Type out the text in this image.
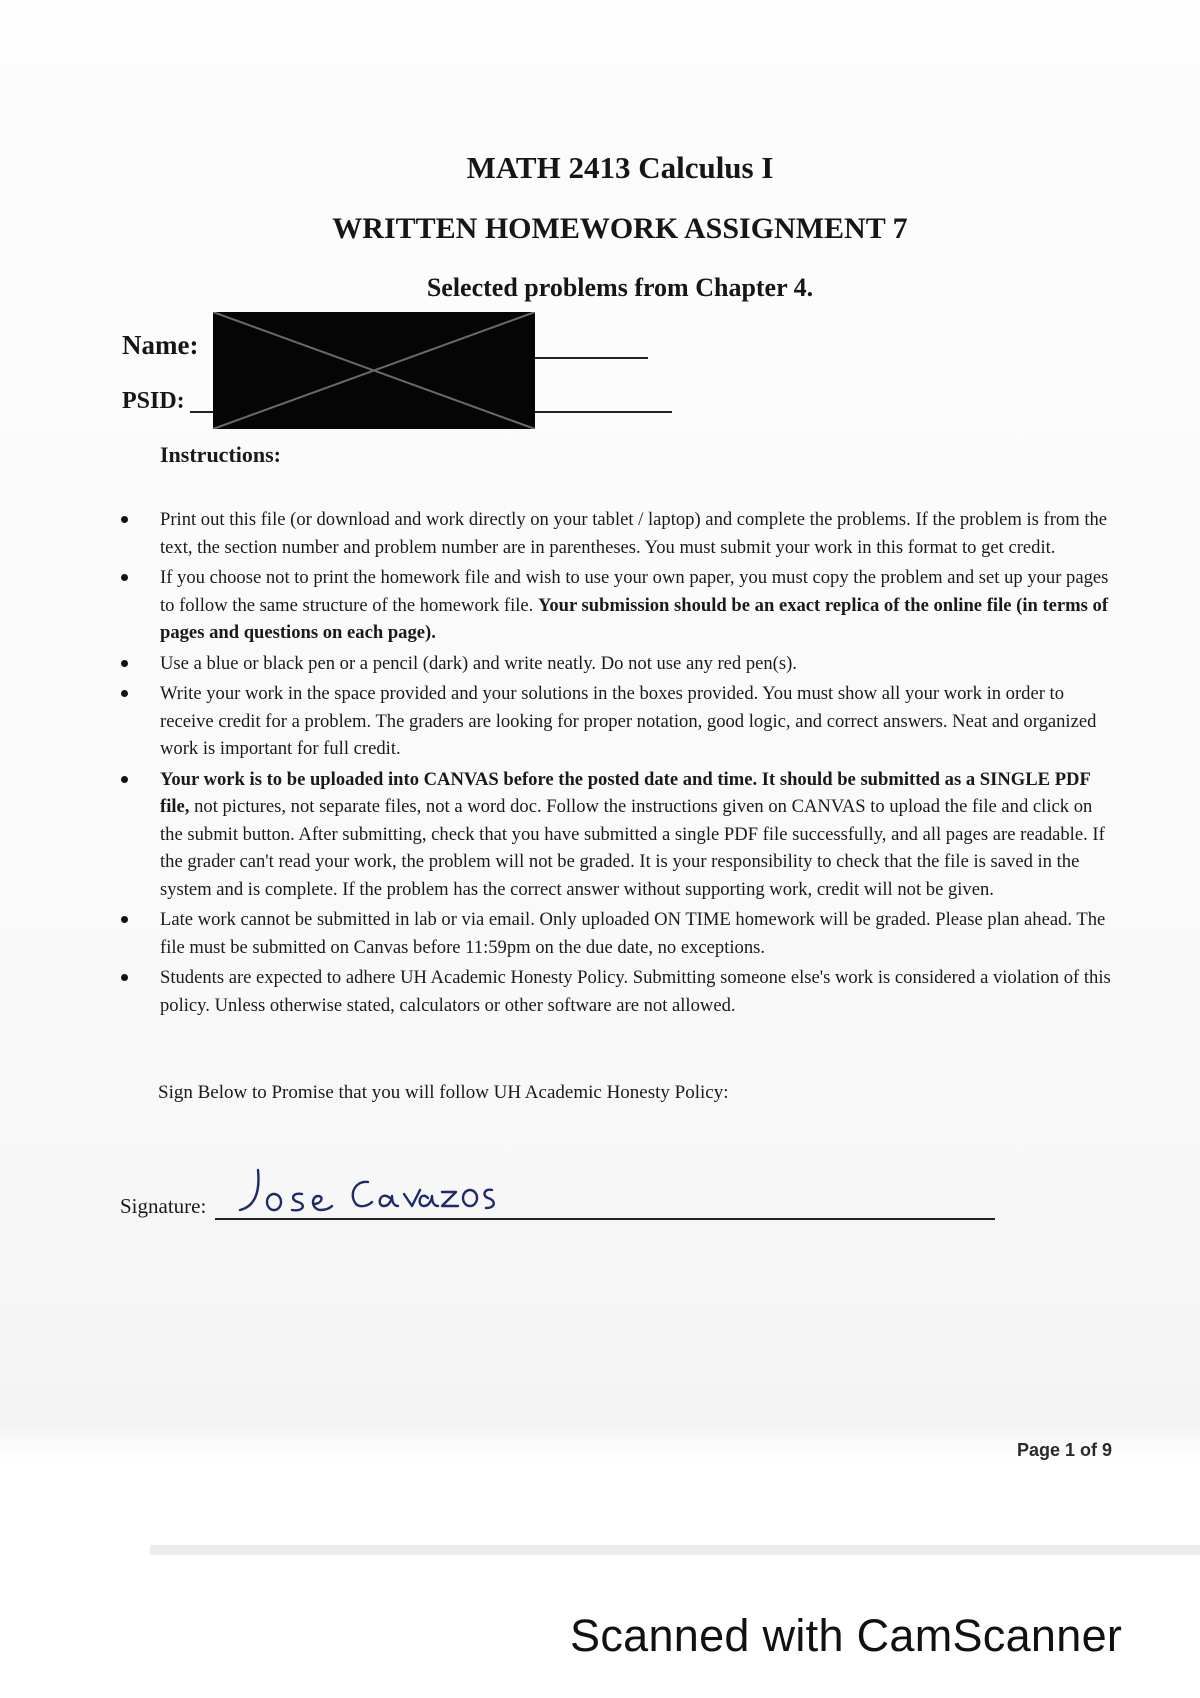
MATH 2413 Calculus I
WRITTEN HOMEWORK ASSIGNMENT 7
Selected problems from Chapter 4.
Name:
PSID:
Instructions:
Print out this file (or download and work directly on your tablet / laptop) and complete the problems. If the problem is from the text, the section number and problem number are in parentheses. You must submit your work in this format to get credit.
If you choose not to print the homework file and wish to use your own paper, you must copy the problem and set up your pages to follow the same structure of the homework file. Your submission should be an exact replica of the online file (in terms of pages and questions on each page).
Use a blue or black pen or a pencil (dark) and write neatly. Do not use any red pen(s).
Write your work in the space provided and your solutions in the boxes provided. You must show all your work in order to receive credit for a problem. The graders are looking for proper notation, good logic, and correct answers. Neat and organized work is important for full credit.
Your work is to be uploaded into CANVAS before the posted date and time. It should be submitted as a SINGLE PDF file, not pictures, not separate files, not a word doc. Follow the instructions given on CANVAS to upload the file and click on the submit button. After submitting, check that you have submitted a single PDF file successfully, and all pages are readable. If the grader can't read your work, the problem will not be graded. It is your responsibility to check that the file is saved in the system and is complete. If the problem has the correct answer without supporting work, credit will not be given.
Late work cannot be submitted in lab or via email. Only uploaded ON TIME homework will be graded. Please plan ahead. The file must be submitted on Canvas before 11:59pm on the due date, no exceptions.
Students are expected to adhere UH Academic Honesty Policy. Submitting someone else's work is considered a violation of this policy. Unless otherwise stated, calculators or other software are not allowed.
Sign Below to Promise that you will follow UH Academic Honesty Policy:
Signature:
Jose Carrizos
Page 1 of 9
Scanned with CamScanner
